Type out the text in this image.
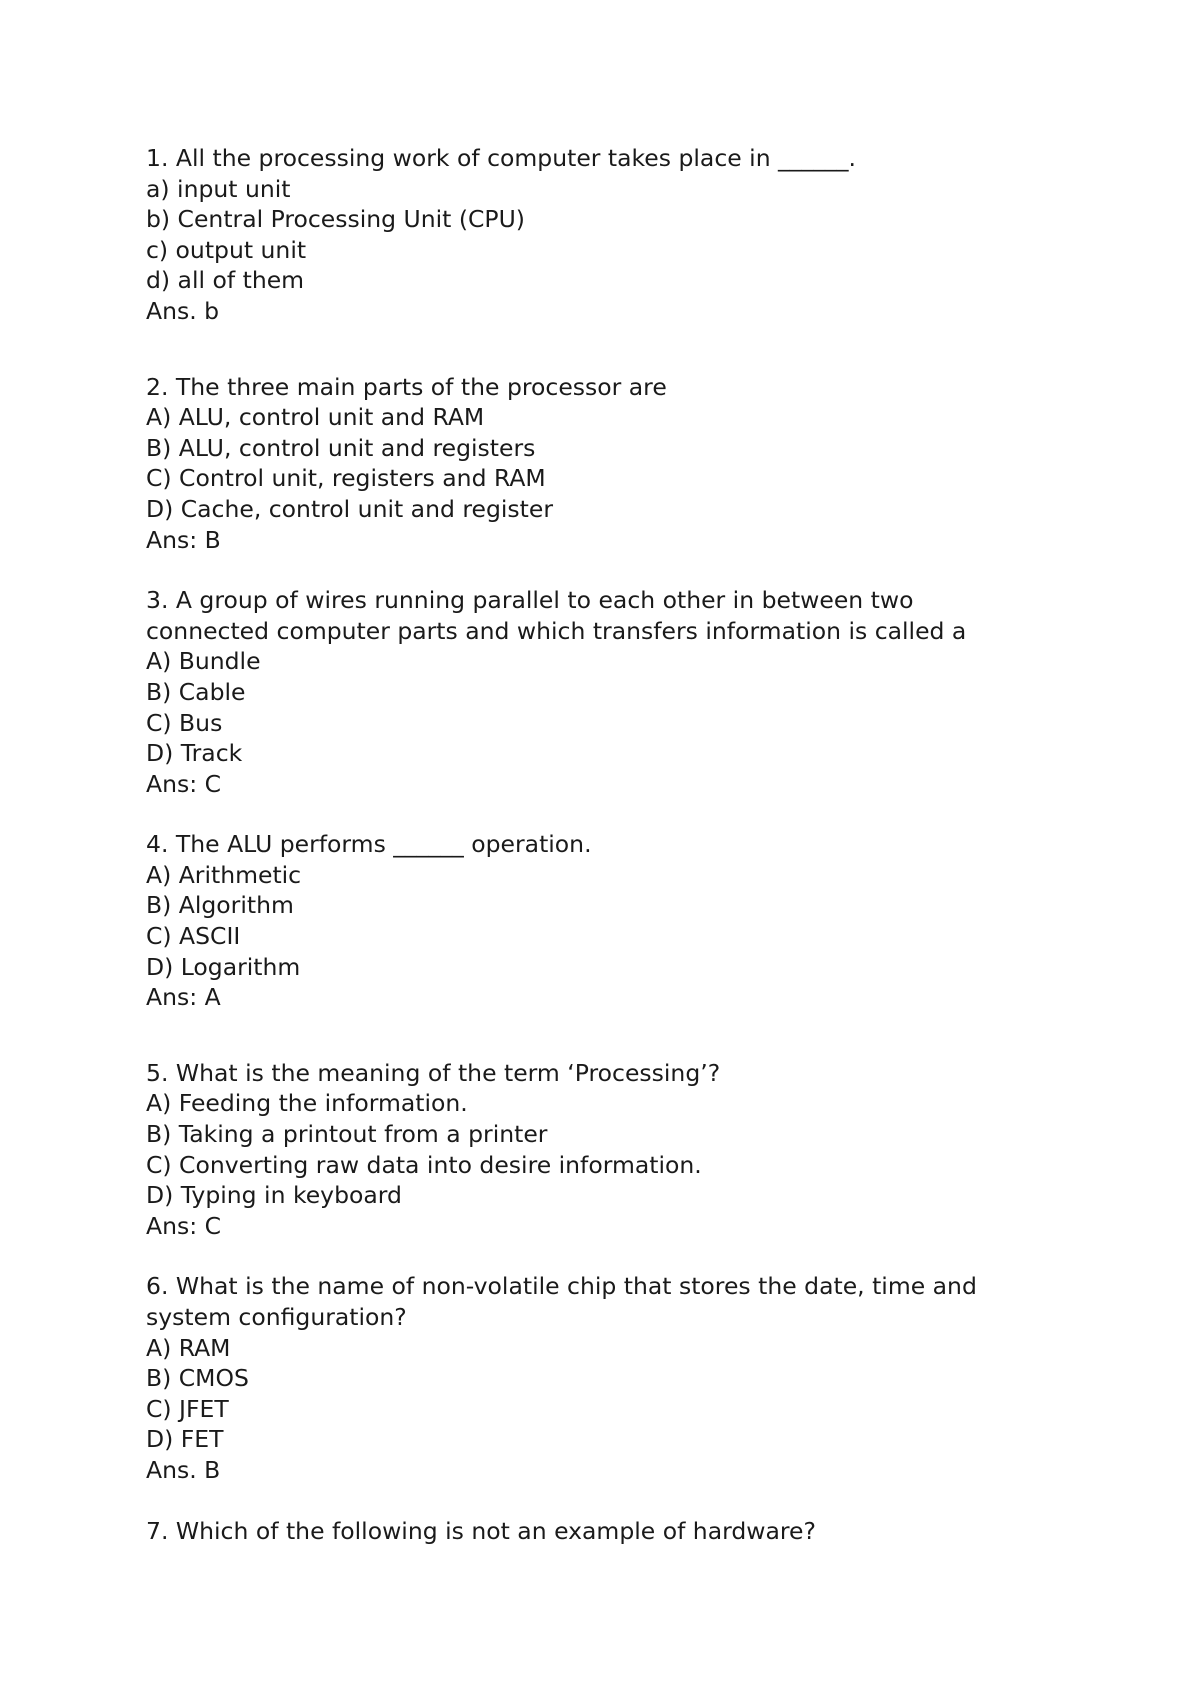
1. All the processing work of computer takes place in ______.
a) input unit
b) Central Processing Unit (CPU)
c) output unit
d) all of them
Ans. b
2. The three main parts of the processor are
A) ALU, control unit and RAM
B) ALU, control unit and registers
C) Control unit, registers and RAM
D) Cache, control unit and register
Ans: B
3. A group of wires running parallel to each other in between two
connected computer parts and which transfers information is called a
A) Bundle
B) Cable
C) Bus
D) Track
Ans: C
4. The ALU performs ______ operation.
A) Arithmetic
B) Algorithm
C) ASCII
D) Logarithm
Ans: A
5. What is the meaning of the term ‘Processing’?
A) Feeding the information.
B) Taking a printout from a printer
C) Converting raw data into desire information.
D) Typing in keyboard
Ans: C
6. What is the name of non-volatile chip that stores the date, time and
system configuration?
A) RAM
B) CMOS
C) JFET
D) FET
Ans. B
7. Which of the following is not an example of hardware?
